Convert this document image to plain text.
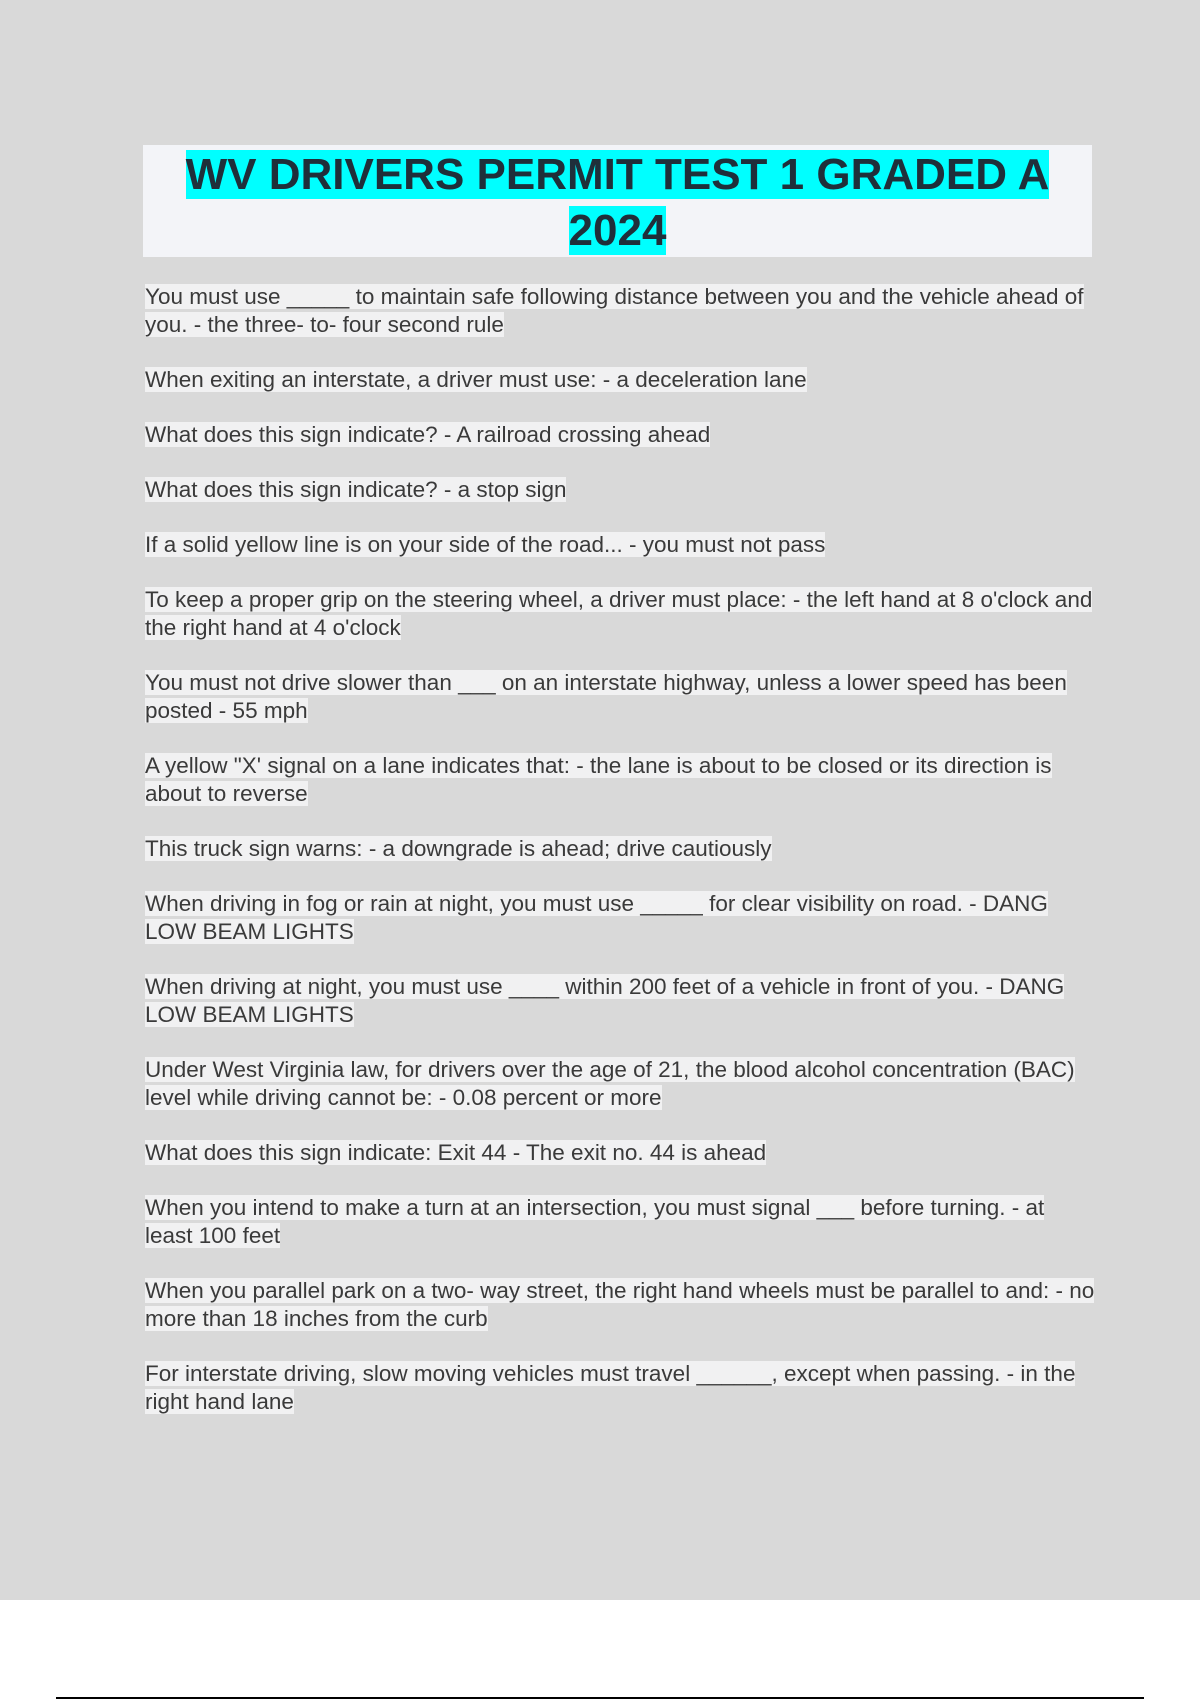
WV DRIVERS PERMIT TEST 1 GRADED A 2024
You must use _____ to maintain safe following distance between you and the vehicle ahead of you. - the three- to- four second rule
When exiting an interstate, a driver must use: - a deceleration lane
What does this sign indicate? - A railroad crossing ahead
What does this sign indicate? - a stop sign
If a solid yellow line is on your side of the road... - you must not pass
To keep a proper grip on the steering wheel, a driver must place: - the left hand at 8 o'clock and the right hand at 4 o'clock
You must not drive slower than ___ on an interstate highway, unless a lower speed has been posted - 55 mph
A yellow "X' signal on a lane indicates that: - the lane is about to be closed or its direction is about to reverse
This truck sign warns: - a downgrade is ahead; drive cautiously
When driving in fog or rain at night, you must use _____ for clear visibility on road. - DANG LOW BEAM LIGHTS
When driving at night, you must use ____ within 200 feet of a vehicle in front of you. - DANG LOW BEAM LIGHTS
Under West Virginia law, for drivers over the age of 21, the blood alcohol concentration (BAC) level while driving cannot be: - 0.08 percent or more
What does this sign indicate: Exit 44 - The exit no. 44 is ahead
When you intend to make a turn at an intersection, you must signal ___ before turning. - at least 100 feet
When you parallel park on a two- way street, the right hand wheels must be parallel to and: - no more than 18 inches from the curb
For interstate driving, slow moving vehicles must travel ______, except when passing. - in the right hand lane
